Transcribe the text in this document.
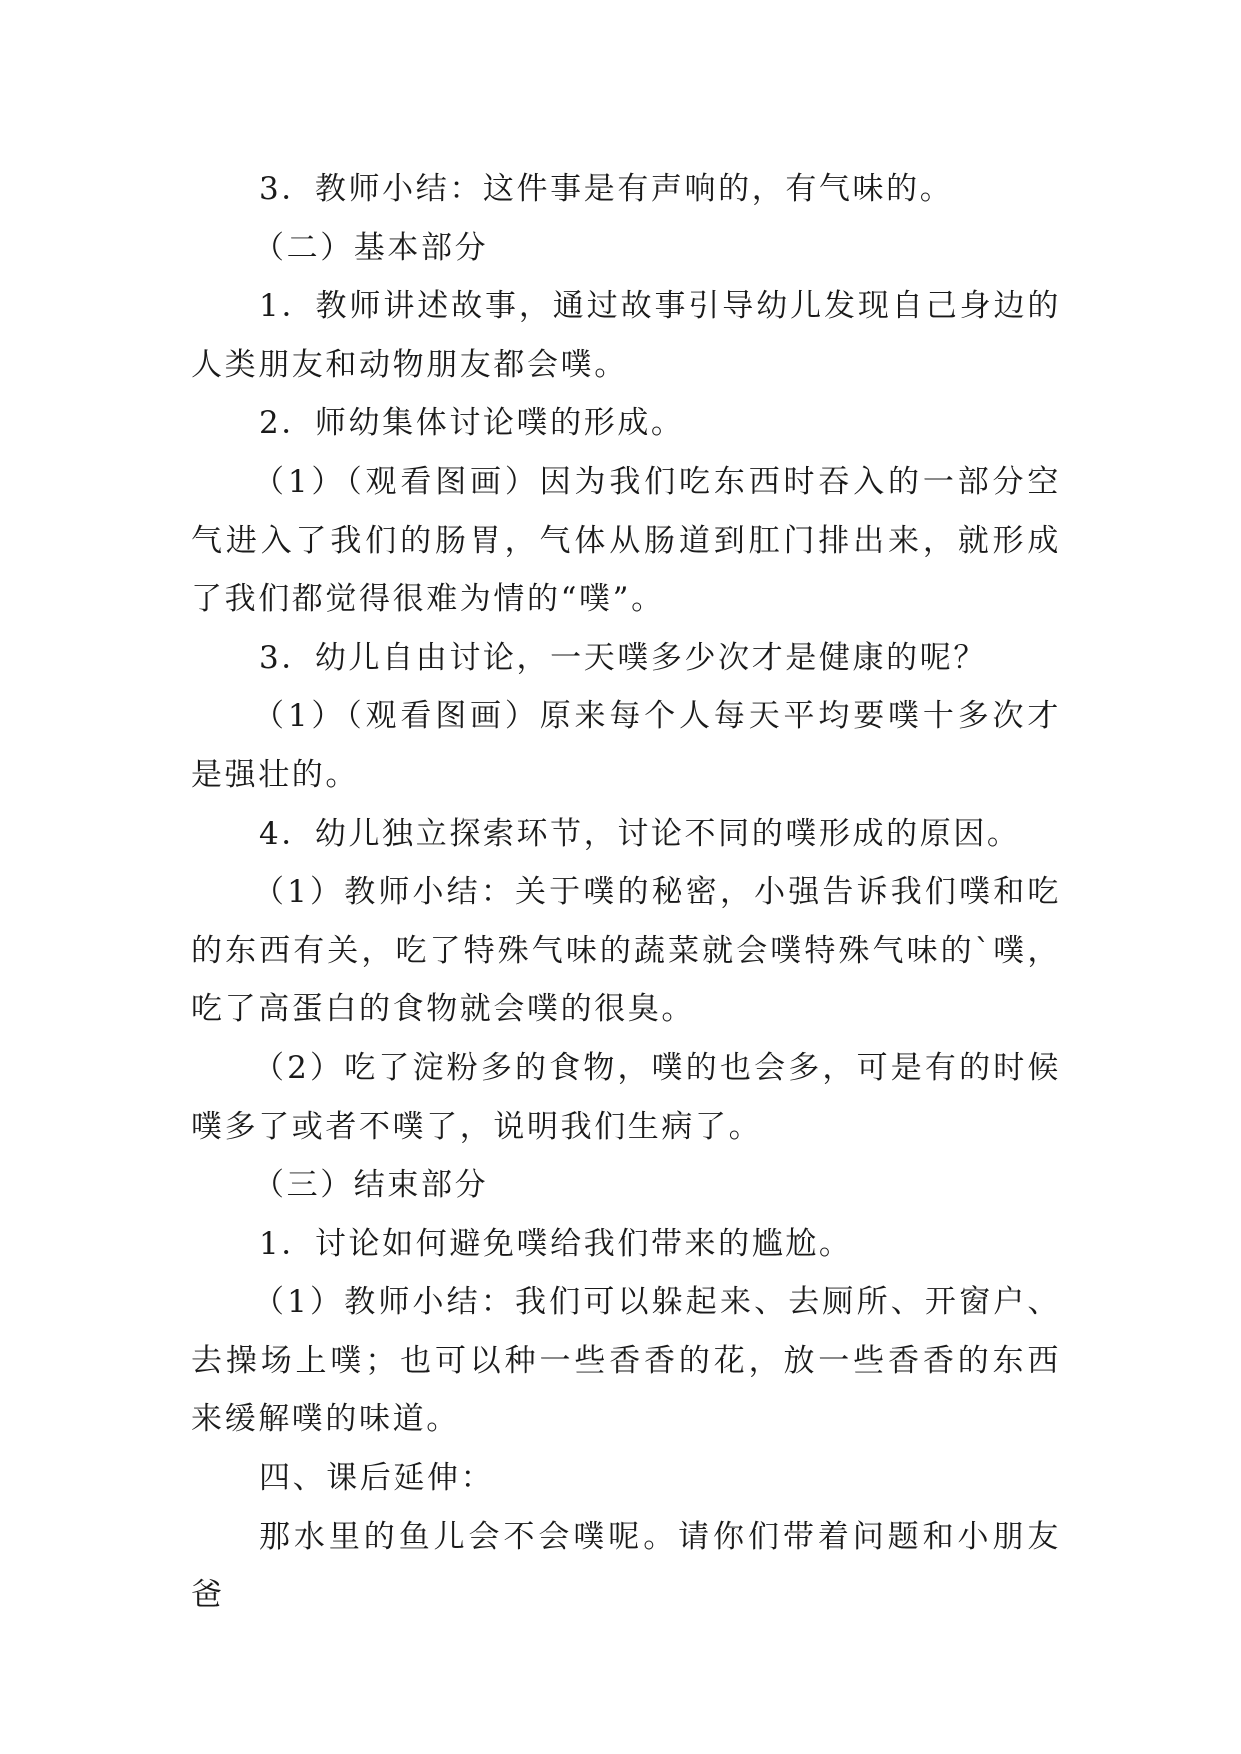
3．教师小结：这件事是有声响的，有气味的。

（二）基本部分

1．教师讲述故事，通过故事引导幼儿发现自己身边的人类朋友和动物朋友都会噗。

2．师幼集体讨论噗的形成。

（1）（观看图画）因为我们吃东西时吞入的一部分空气进入了我们的肠胃，气体从肠道到肛门排出来，就形成了我们都觉得很难为情的“噗”。

3．幼儿自由讨论，一天噗多少次才是健康的呢？

（1）（观看图画）原来每个人每天平均要噗十多次才是强壮的。

4．幼儿独立探索环节，讨论不同的噗形成的原因。

（1）教师小结：关于噗的秘密，小强告诉我们噗和吃的东西有关，吃了特殊气味的蔬菜就会噗特殊气味的`噗，吃了高蛋白的食物就会噗的很臭。

（2）吃了淀粉多的食物，噗的也会多，可是有的时候噗多了或者不噗了，说明我们生病了。

（三）结束部分

1．讨论如何避免噗给我们带来的尴尬。

（1）教师小结：我们可以躲起来、去厕所、开窗户、去操场上噗；也可以种一些香香的花，放一些香香的东西来缓解噗的味道。

四、课后延伸：

那水里的鱼儿会不会噗呢。请你们带着问题和小朋友爸
